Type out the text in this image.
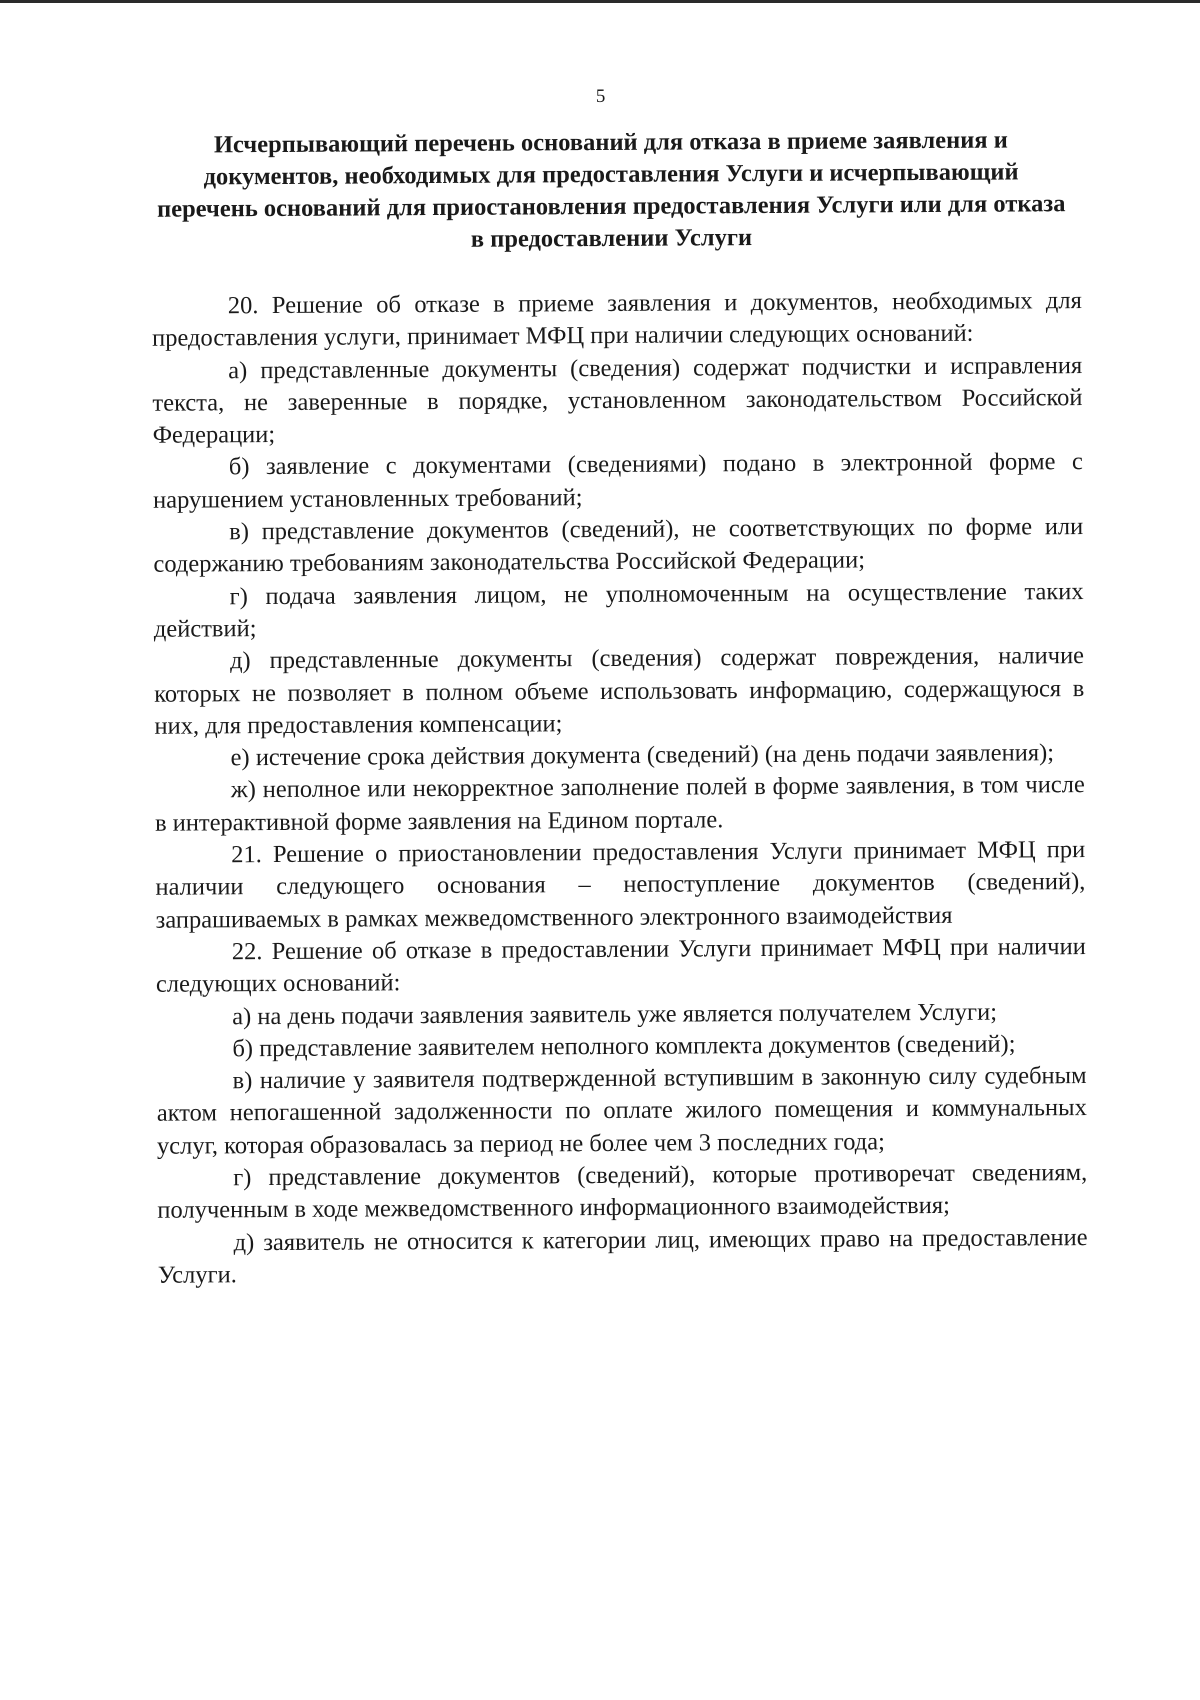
5
Исчерпывающий перечень оснований для отказа в приеме заявления и документов, необходимых для предоставления Услуги и исчерпывающий перечень оснований для приостановления предоставления Услуги или для отказа в предоставлении Услуги

20. Решение об отказе в приеме заявления и документов, необходимых для предоставления услуги, принимает МФЦ при наличии следующих оснований:

а) представленные документы (сведения) содержат подчистки и исправления текста, не заверенные в порядке, установленном законодательством Российской Федерации;

б) заявление с документами (сведениями) подано в электронной форме с нарушением установленных требований;

в) представление документов (сведений), не соответствующих по форме или содержанию требованиям законодательства Российской Федерации;

г) подача заявления лицом, не уполномоченным на осуществление таких действий;

д) представленные документы (сведения) содержат повреждения, наличие которых не позволяет в полном объеме использовать информацию, содержащуюся в них, для предоставления компенсации;

е) истечение срока действия документа (сведений) (на день подачи заявления);

ж) неполное или некорректное заполнение полей в форме заявления, в том числе в интерактивной форме заявления на Едином портале.

21. Решение о приостановлении предоставления Услуги принимает МФЦ при наличии следующего основания – непоступление документов (сведений), запрашиваемых в рамках межведомственного электронного взаимодействия

22. Решение об отказе в предоставлении Услуги принимает МФЦ при наличии следующих оснований:

а) на день подачи заявления заявитель уже является получателем Услуги;

б) представление заявителем неполного комплекта документов (сведений);

в) наличие у заявителя подтвержденной вступившим в законную силу судебным актом непогашенной задолженности по оплате жилого помещения и коммунальных услуг, которая образовалась за период не более чем 3 последних года;

г) представление документов (сведений), которые противоречат сведениям, полученным в ходе межведомственного информационного взаимодействия;

д) заявитель не относится к категории лиц, имеющих право на предоставление Услуги.
